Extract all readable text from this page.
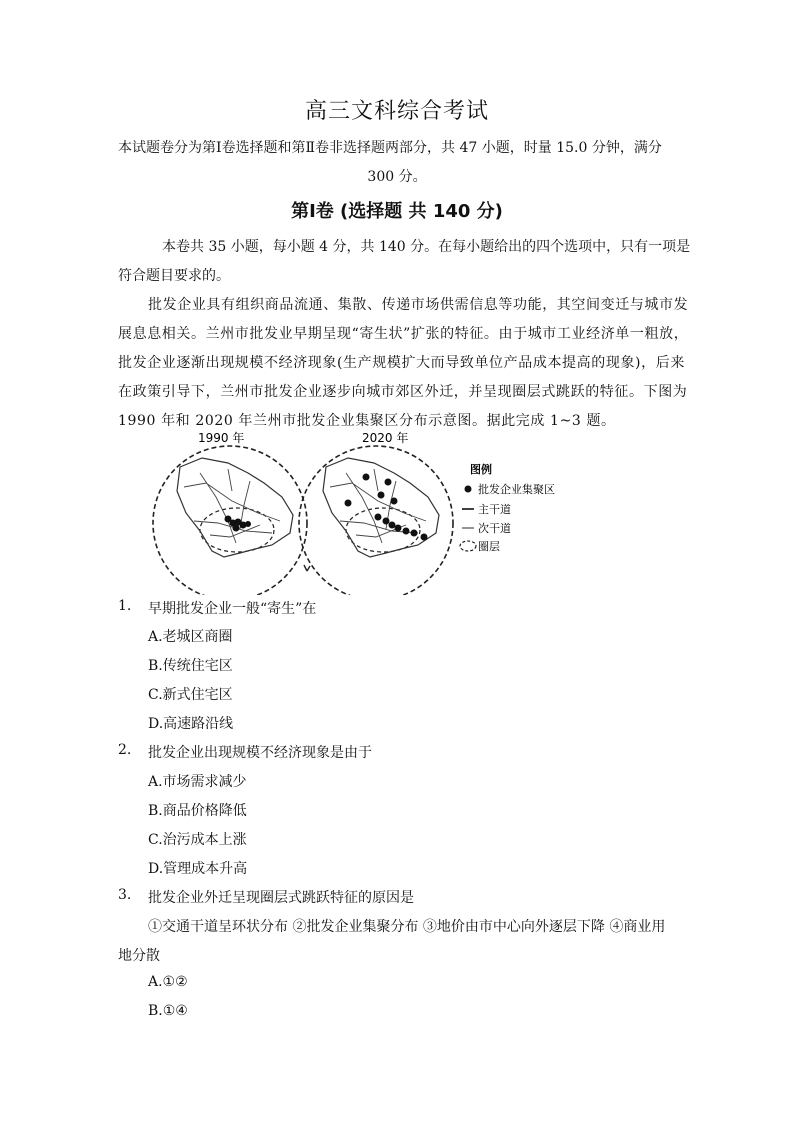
高三文科综合考试
本试题卷分为第Ⅰ卷选择题和第Ⅱ卷非选择题两部分，共 47 小题，时量 15.0 分钟，满分
300 分。
第Ⅰ卷 (选择题 共 140 分)
本卷共 35 小题，每小题 4 分，共 140 分。在每小题给出的四个选项中，只有一项是
符合题目要求的。
批发企业具有组织商品流通、集散、传递市场供需信息等功能，其空间变迁与城市发
展息息相关。兰州市批发业早期呈现“寄生状”扩张的特征。由于城市工业经济单一粗放，
批发企业逐渐出现规模不经济现象(生产规模扩大而导致单位产品成本提高的现象)，后来
在政策引导下，兰州市批发企业逐步向城市郊区外迁，并呈现圈层式跳跃的特征。下图为
1990 年和 2020 年兰州市批发企业集聚区分布示意图。据此完成 1~3 题。
1990 年	2020 年
图例
批发企业集聚区
主干道
次干道
圈层
1. 早期批发企业一般“寄生”在
A.老城区商圈
B.传统住宅区
C.新式住宅区
D.高速路沿线
2. 批发企业出现规模不经济现象是由于
A.市场需求减少
B.商品价格降低
C.治污成本上涨
D.管理成本升高
3. 批发企业外迁呈现圈层式跳跃特征的原因是
①交通干道呈环状分布 ②批发企业集聚分布 ③地价由市中心向外逐层下降 ④商业用
地分散
A.①②
B.①④
